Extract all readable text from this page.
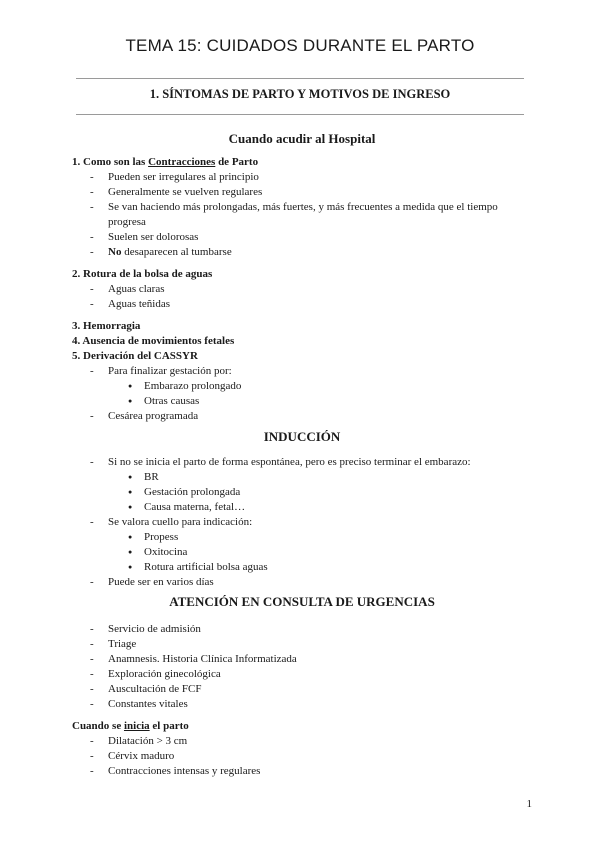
TEMA 15: CUIDADOS DURANTE EL PARTO
1. SÍNTOMAS DE PARTO Y MOTIVOS DE INGRESO
Cuando acudir al Hospital

1. Como son las Contracciones de Parto

- Pueden ser irregulares al principio
- Generalmente se vuelven regulares
- Se van haciendo más prolongadas, más fuertes, y más frecuentes a medida que el tiempo progresa
- Suelen ser dolorosas
- No desaparecen al tumbarse

2. Rotura de la bolsa de aguas

- Aguas claras
- Aguas teñidas

3. Hemorragia

4. Ausencia de movimientos fetales

5. Derivación del CASSYR

- Para finalizar gestación por:
● Embarazo prolongado
● Otras causas
- Cesárea programada
INDUCCIÓN
- Si no se inicia el parto de forma espontánea, pero es preciso terminar el embarazo:
● BR
● Gestación prolongada
● Causa materna, fetal…
- Se valora cuello para indicación:
● Propess
● Oxitocina
● Rotura artificial bolsa aguas
- Puede ser en varios días
ATENCIÓN EN CONSULTA DE URGENCIAS
- Servicio de admisión
- Triage
- Anamnesis. Historia Clínica Informatizada
- Exploración ginecológica
- Auscultación de FCF
- Constantes vitales

Cuando se inicia el parto

- Dilatación > 3 cm
- Cérvix maduro
- Contracciones intensas y regulares
1
